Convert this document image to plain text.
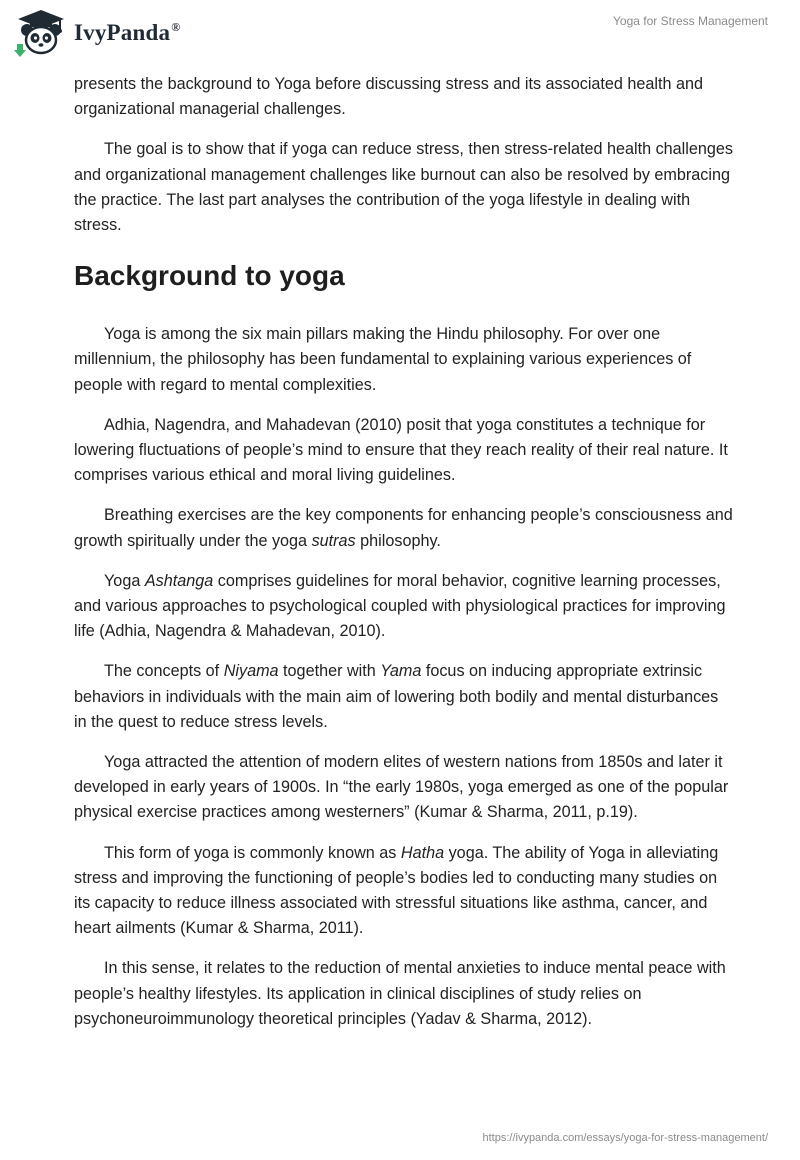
IvyPanda®	Yoga for Stress Management

presents the background to Yoga before discussing stress and its associated health and organizational managerial challenges.

The goal is to show that if yoga can reduce stress, then stress-related health challenges and organizational management challenges like burnout can also be resolved by embracing the practice. The last part analyses the contribution of the yoga lifestyle in dealing with stress.

Background to yoga

Yoga is among the six main pillars making the Hindu philosophy. For over one millennium, the philosophy has been fundamental to explaining various experiences of people with regard to mental complexities.

Adhia, Nagendra, and Mahadevan (2010) posit that yoga constitutes a technique for lowering fluctuations of people’s mind to ensure that they reach reality of their real nature. It comprises various ethical and moral living guidelines.

Breathing exercises are the key components for enhancing people’s consciousness and growth spiritually under the yoga sutras philosophy.

Yoga Ashtanga comprises guidelines for moral behavior, cognitive learning processes, and various approaches to psychological coupled with physiological practices for improving life (Adhia, Nagendra & Mahadevan, 2010).

The concepts of Niyama together with Yama focus on inducing appropriate extrinsic behaviors in individuals with the main aim of lowering both bodily and mental disturbances in the quest to reduce stress levels.

Yoga attracted the attention of modern elites of western nations from 1850s and later it developed in early years of 1900s. In “the early 1980s, yoga emerged as one of the popular physical exercise practices among westerners” (Kumar & Sharma, 2011, p.19).

This form of yoga is commonly known as Hatha yoga. The ability of Yoga in alleviating stress and improving the functioning of people’s bodies led to conducting many studies on its capacity to reduce illness associated with stressful situations like asthma, cancer, and heart ailments (Kumar & Sharma, 2011).

In this sense, it relates to the reduction of mental anxieties to induce mental peace with people’s healthy lifestyles. Its application in clinical disciplines of study relies on psychoneuroimmunology theoretical principles (Yadav & Sharma, 2012).

https://ivypanda.com/essays/yoga-for-stress-management/
